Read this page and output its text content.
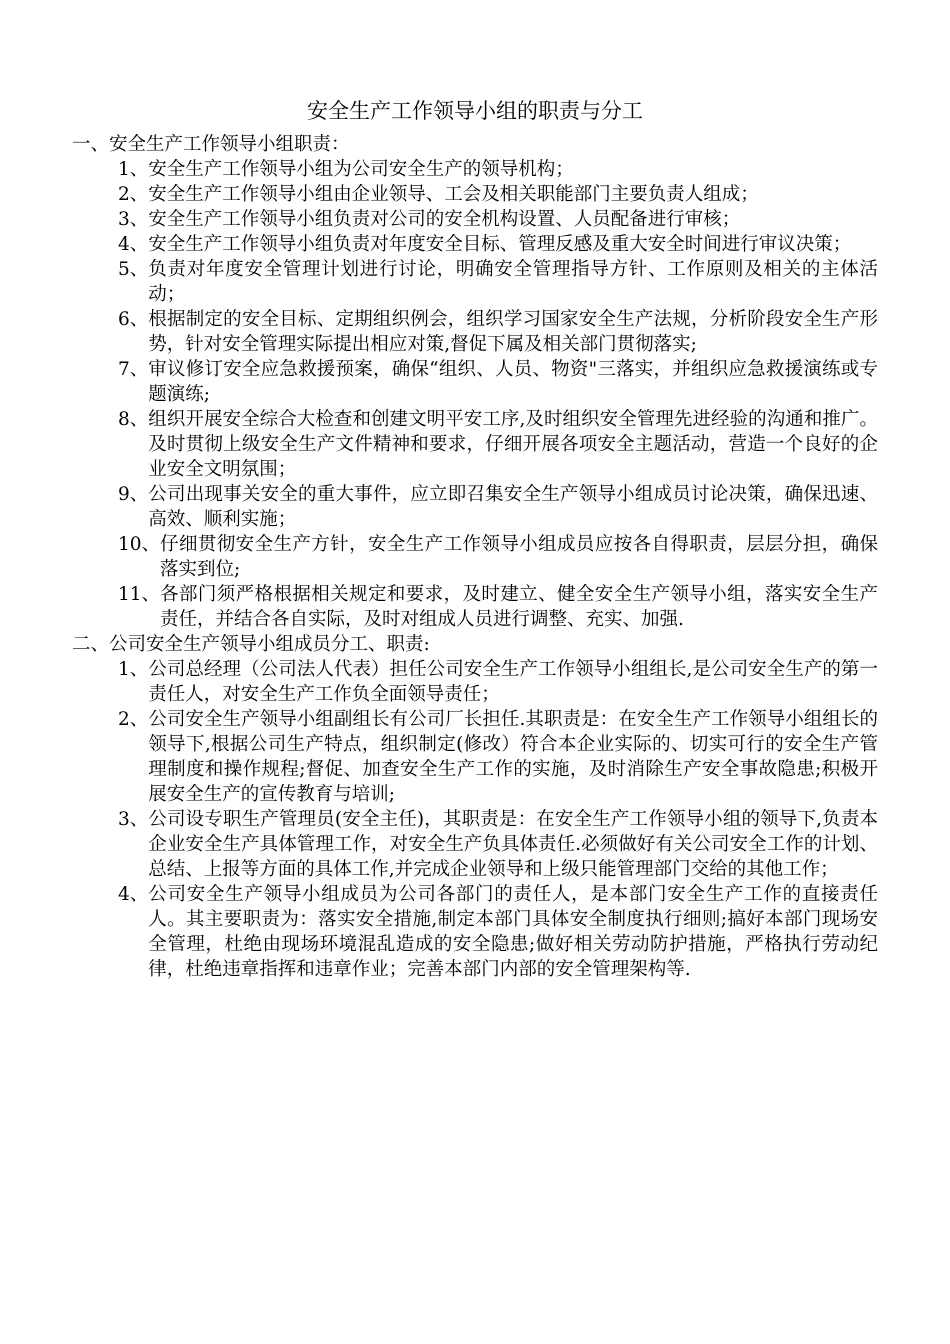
安全生产工作领导小组的职责与分工
一、安全生产工作领导小组职责：
1、 安全生产工作领导小组为公司安全生产的领导机构；
2、 安全生产工作领导小组由企业领导、工会及相关职能部门主要负责人组成；
3、 安全生产工作领导小组负责对公司的安全机构设置、人员配备进行审核；
4、 安全生产工作领导小组负责对年度安全目标、管理反感及重大安全时间进行审议决策；
5、 负责对年度安全管理计划进行讨论，明确安全管理指导方针、工作原则及相关的主体活动；
6、 根据制定的安全目标、定期组织例会，组织学习国家安全生产法规，分析阶段安全生产形势，针对安全管理实际提出相应对策,督促下属及相关部门贯彻落实;
7、 审议修订安全应急救援预案，确保“组织、人员、物资"三落实，并组织应急救援演练或专题演练;
8、 组织开展安全综合大检查和创建文明平安工序,及时组织安全管理先进经验的沟通和推广。及时贯彻上级安全生产文件精神和要求，仔细开展各项安全主题活动，营造一个良好的企业安全文明氛围；
9、 公司出现事关安全的重大事件，应立即召集安全生产领导小组成员讨论决策，确保迅速、高效、顺利实施；
10、 仔细贯彻安全生产方针，安全生产工作领导小组成员应按各自得职责，层层分担，确保落实到位;
11、 各部门须严格根据相关规定和要求，及时建立、健全安全生产领导小组，落实安全生产责任，并结合各自实际，及时对组成人员进行调整、充实、加强.
二、公司安全生产领导小组成员分工、职责:
1、 公司总经理（公司法人代表）担任公司安全生产工作领导小组组长,是公司安全生产的第一责任人，对安全生产工作负全面领导责任；
2、 公司安全生产领导小组副组长有公司厂长担任.其职责是：在安全生产工作领导小组组长的领导下,根据公司生产特点，组织制定(修改）符合本企业实际的、切实可行的安全生产管理制度和操作规程;督促、加查安全生产工作的实施，及时消除生产安全事故隐患;积极开展安全生产的宣传教育与培训;
3、 公司设专职生产管理员(安全主任)，其职责是：在安全生产工作领导小组的领导下,负责本企业安全生产具体管理工作，对安全生产负具体责任.必须做好有关公司安全工作的计划、总结、上报等方面的具体工作,并完成企业领导和上级只能管理部门交给的其他工作；
4、 公司安全生产领导小组成员为公司各部门的责任人，是本部门安全生产工作的直接责任人。其主要职责为：落实安全措施,制定本部门具体安全制度执行细则;搞好本部门现场安全管理，杜绝由现场环境混乱造成的安全隐患;做好相关劳动防护措施，严格执行劳动纪律，杜绝违章指挥和违章作业；完善本部门内部的安全管理架构等.
